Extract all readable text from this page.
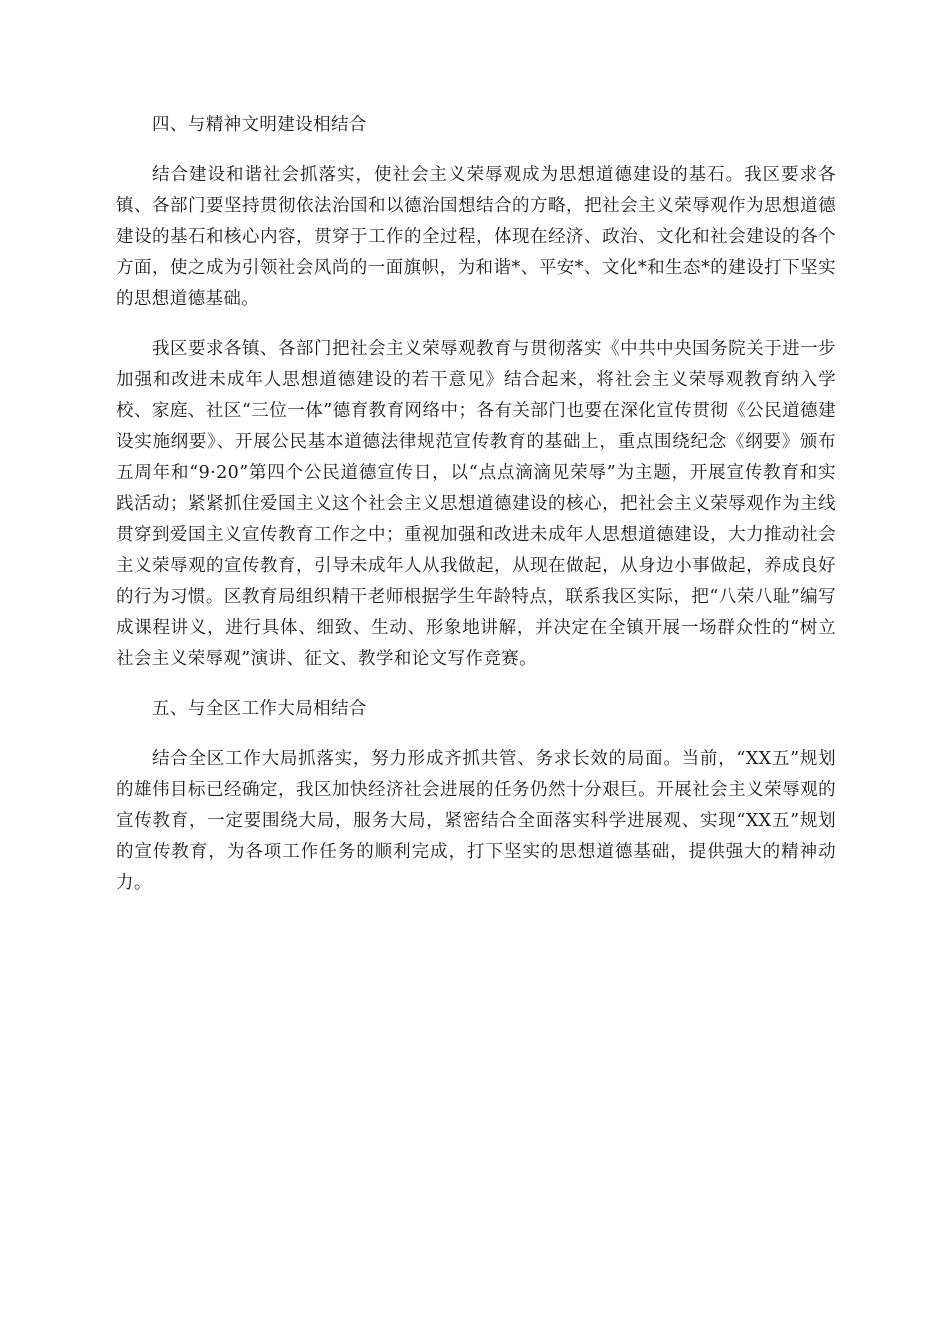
四、与精神文明建设相结合

结合建设和谐社会抓落实，使社会主义荣辱观成为思想道德建设的基石。我区要求各镇、各部门要坚持贯彻依法治国和以德治国想结合的方略，把社会主义荣辱观作为思想道德建设的基石和核心内容，贯穿于工作的全过程，体现在经济、政治、文化和社会建设的各个方面，使之成为引领社会风尚的一面旗帜，为和谐*、平安*、文化*和生态*的建设打下坚实的思想道德基础。

我区要求各镇、各部门把社会主义荣辱观教育与贯彻落实《中共中央国务院关于进一步加强和改进未成年人思想道德建设的若干意见》结合起来，将社会主义荣辱观教育纳入学校、家庭、社区“三位一体”德育教育网络中；各有关部门也要在深化宣传贯彻《公民道德建设实施纲要》、开展公民基本道德法律规范宣传教育的基础上，重点围绕纪念《纲要》颁布五周年和“9·20”第四个公民道德宣传日，以“点点滴滴见荣辱”为主题，开展宣传教育和实践活动；紧紧抓住爱国主义这个社会主义思想道德建设的核心，把社会主义荣辱观作为主线贯穿到爱国主义宣传教育工作之中；重视加强和改进未成年人思想道德建设，大力推动社会主义荣辱观的宣传教育，引导未成年人从我做起，从现在做起，从身边小事做起，养成良好的行为习惯。区教育局组织精干老师根据学生年龄特点，联系我区实际，把“八荣八耻”编写成课程讲义，进行具体、细致、生动、形象地讲解，并决定在全镇开展一场群众性的“树立社会主义荣辱观”演讲、征文、教学和论文写作竞赛。

五、与全区工作大局相结合

结合全区工作大局抓落实，努力形成齐抓共管、务求长效的局面。当前，“XX五”规划的雄伟目标已经确定，我区加快经济社会进展的任务仍然十分艰巨。开展社会主义荣辱观的宣传教育，一定要围绕大局，服务大局，紧密结合全面落实科学进展观、实现“XX五”规划的宣传教育，为各项工作任务的顺利完成，打下坚实的思想道德基础，提供强大的精神动力。
